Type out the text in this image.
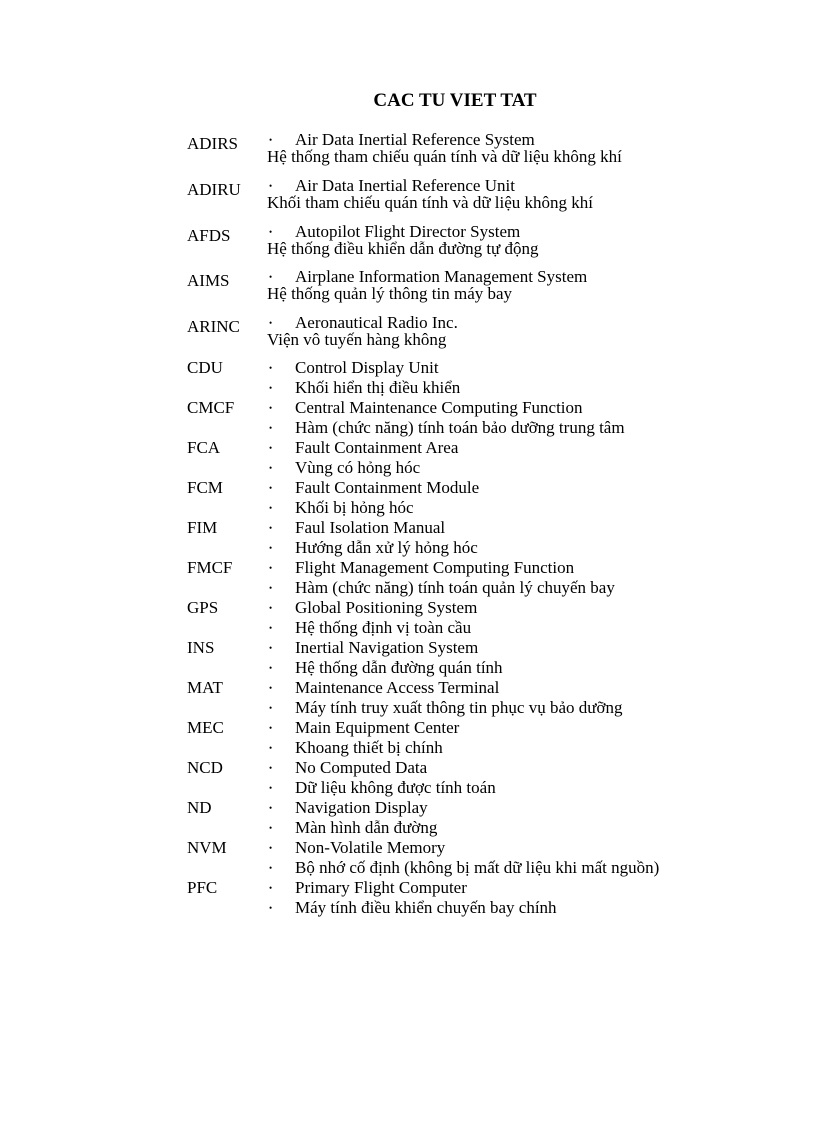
CAC TU VIET TAT
ADIRS	• Air Data Inertial Reference System
Hệ thống tham chiếu quán tính và dữ liệu không khí
ADIRU	• Air Data Inertial Reference Unit
Khối tham chiếu quán tính và dữ liệu không khí
AFDS	• Autopilot Flight Director System
Hệ thống điều khiển dẫn đường tự động
AIMS	• Airplane Information Management System
Hệ thống quản lý thông tin máy bay
ARINC	• Aeronautical Radio Inc.
Viện vô tuyến hàng không
CDU	• Control Display Unit
Khối hiển thị điều khiển
•
CMCF	• Central Maintenance Computing Function
Hàm (chức năng) tính toán bảo dưỡng trung tâm
•
FCA	• Fault Containment Area
Vùng có hỏng hóc
•
FCM	• Fault Containment Module
Khối bị hỏng hóc
•
FIM	• Faul Isolation Manual
Hướng dẫn xử lý hỏng hóc
•
FMCF	• Flight Management Computing Function
Hàm (chức năng) tính toán quản lý chuyến bay
•
GPS	• Global Positioning System
Hệ thống định vị toàn cầu
•
INS	• Inertial Navigation System
Hệ thống dẫn đường quán tính
•
MAT	• Maintenance Access Terminal
Máy tính truy xuất thông tin phục vụ bảo dưỡng
•
MEC	• Main Equipment Center
Khoang thiết bị chính
•
NCD	• No Computed Data
Dữ liệu không được tính toán
•
ND	• Navigation Display
Màn hình dẫn đường
•
NVM	• Non-Volatile Memory
Bộ nhớ cố định (không bị mất dữ liệu khi mất nguồn)
•
PFC	• Primary Flight Computer
Máy tính điều khiển chuyến bay chính
•
